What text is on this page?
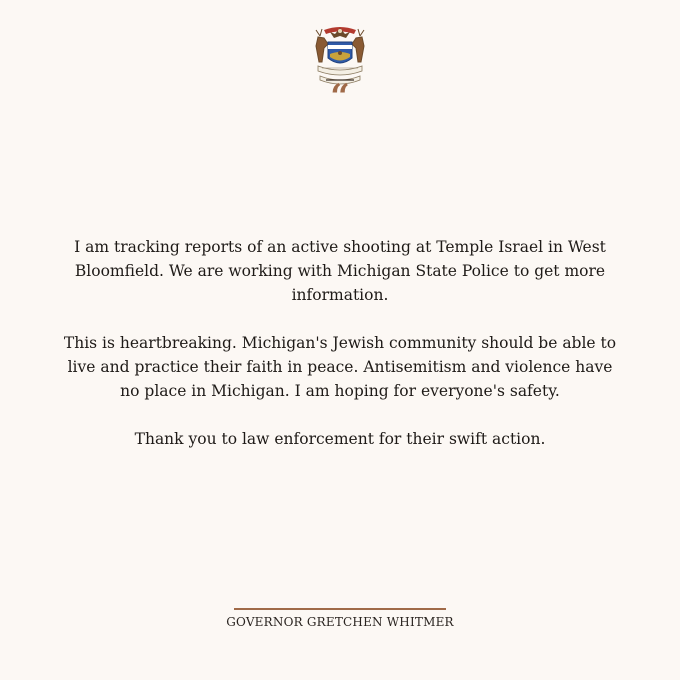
“

I am tracking reports of an active shooting at Temple Israel in West Bloomfield. We are working with Michigan State Police to get more information.

This is heartbreaking. Michigan's Jewish community should be able to live and practice their faith in peace. Antisemitism and violence have no place in Michigan. I am hoping for everyone's safety.

Thank you to law enforcement for their swift action.

GOVERNOR GRETCHEN WHITMER
